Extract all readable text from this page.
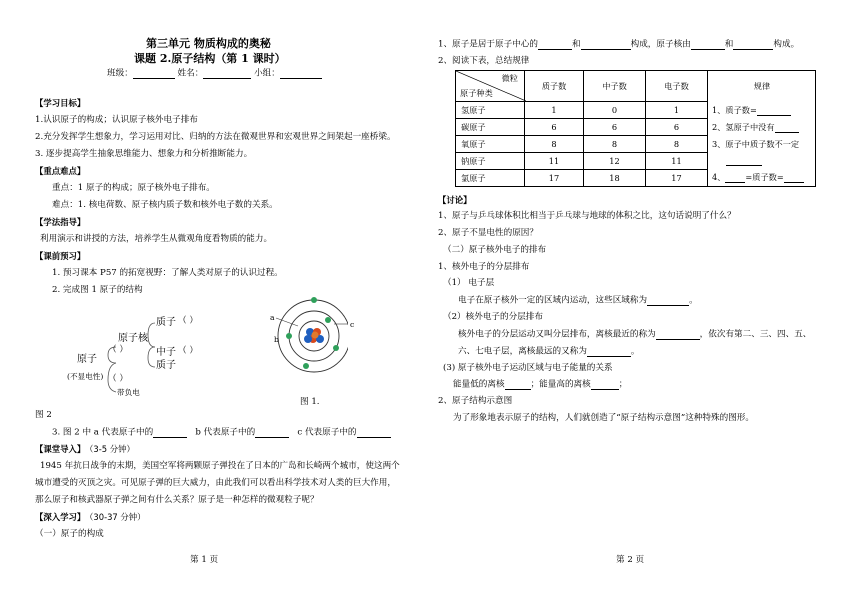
第三单元 物质构成的奥秘
课题 2.原子结构（第 1 课时）
班级：	姓名：	小组：
【学习目标】
1.认识原子的构成；认识原子核外电子排布
2.充分发挥学生想象力，学习运用对比、归纳的方法在微观世界和宏观世界之间架起一座桥梁。
3. 逐步提高学生抽象思维能力、想象力和分析推断能力。
【重点难点】
重点：1 原子的构成；原子核外电子排布。
难点：1. 核电荷数、原子核内质子数和核外电子数的关系。
【学法指导】
利用演示和讲授的方法，培养学生从微观角度看物质的能力。
【课前预习】
1. 预习课本 P57 的拓宽视野：了解人类对原子的认识过程。
2. 完成图 1 原子的结构
原子
(不显电性)
原子核
（ ）
质子 （ ）
中子 （ ）
质子
（ ）
带负电
a
b
c
图 1.
图 2
3. 图 2 中 a 代表原子中的	b 代表原子中的	c 代表原子中的
【课堂导入】 （3-5 分钟）
1945 年抗日战争的末期，美国空军将两颗原子弹投在了日本的广岛和长崎两个城市，使这两个
城市遭受的灭顶之灾。可见原子弹的巨大威力，由此我们可以看出科学技术对人类的巨大作用，
那么原子和核武器原子弹之间有什么关系？原子是一种怎样的微观粒子呢？
【深入学习】 （30-37 分钟）
（一）原子的构成
第 1 页
1、原子是居于原子中心的	和	构成，原子核由	和	构成。
2、阅读下表，总结规律
微粒
原子种类	质子数	中子数	电子数	规律
氢原子	1	0	1	1、质子数=
碳原子	6	6	6	2、氢原子中没有
氧原子	8	8	8	3、原子中质子数不一定
钠原子	11	12	11	
氯原子	17	18	17	4、 =质子数=
【讨论】
1、原子与乒乓球体积比相当于乒乓球与地球的体积之比，这句话说明了什么？
2、原子不显电性的原因？
（二）原子核外电子的排布
1、核外电子的分层排布
（1） 电子层
电子在原子核外一定的区域内运动，这些区域称为	。
（2）核外电子的分层排布
核外电子的分层运动又叫分层排布，离核最近的称为	，依次有第二、三、四、五、
六、七电子层，离核最远的又称为	。
(3) 原子核外电子运动区域与电子能量的关系
能量低的离核	；能量高的离核	；
2、原子结构示意图
为了形象地表示原子的结构，人们就创造了“原子结构示意图”这种特殊的图形。
第 2 页
